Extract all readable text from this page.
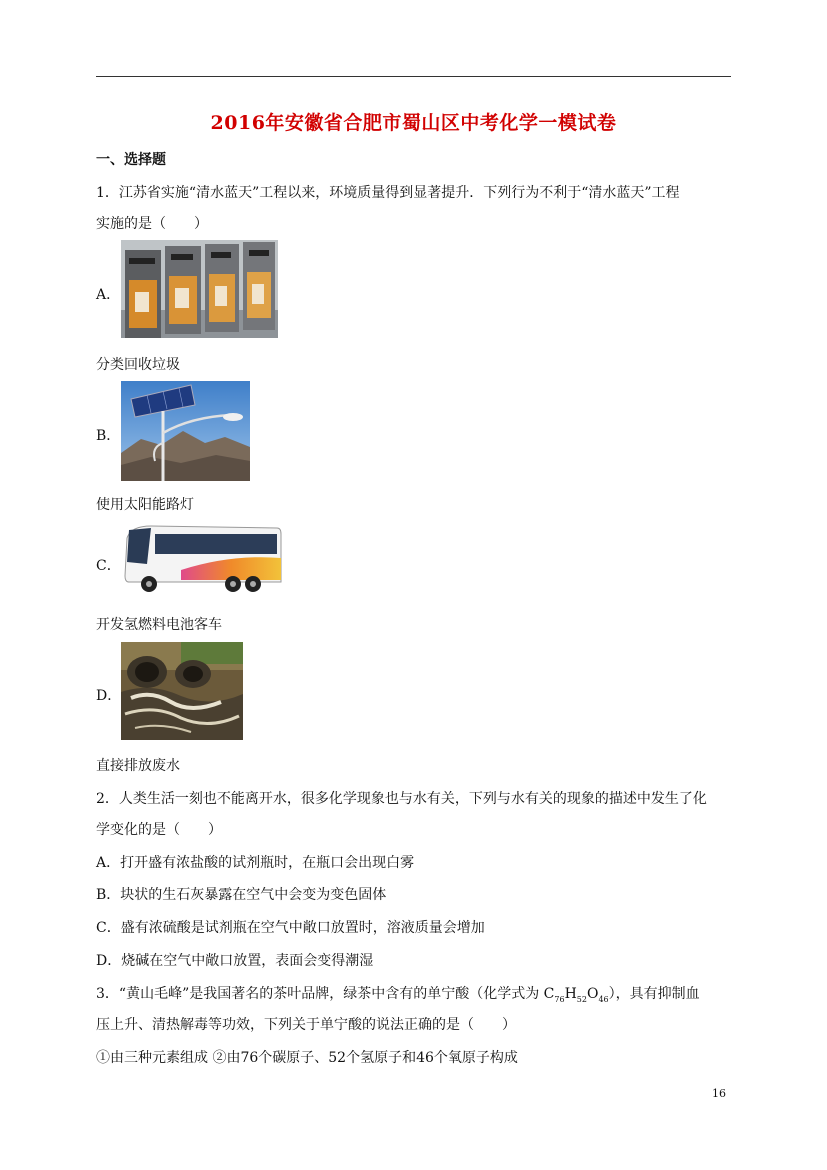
2016年安徽省合肥市蜀山区中考化学一模试卷
一、选择题
1．江苏省实施“清水蓝天”工程以来，环境质量得到显著提升．下列行为不利于“清水蓝天”工程
实施的是（　　）
A．
分类回收垃圾
B．
使用太阳能路灯
C．
开发氢燃料电池客车
D．
直接排放废水
2．人类生活一刻也不能离开水，很多化学现象也与水有关，下列与水有关的现象的描述中发生了化
学变化的是（　　）
A．打开盛有浓盐酸的试剂瓶时，在瓶口会出现白雾
B．块状的生石灰暴露在空气中会变为变色固体
C．盛有浓硫酸是试剂瓶在空气中敞口放置时，溶液质量会增加
D．烧碱在空气中敞口放置，表面会变得潮湿
3．“黄山毛峰”是我国著名的茶叶品牌，绿茶中含有的单宁酸（化学式为 $C_{76}H_{52}O_{46}$），具有抑制血
压上升、清热解毒等功效，下列关于单宁酸的说法正确的是（　　）
①由三种元素组成 ②由76个碳原子、52个氢原子和46个氧原子构成
16
